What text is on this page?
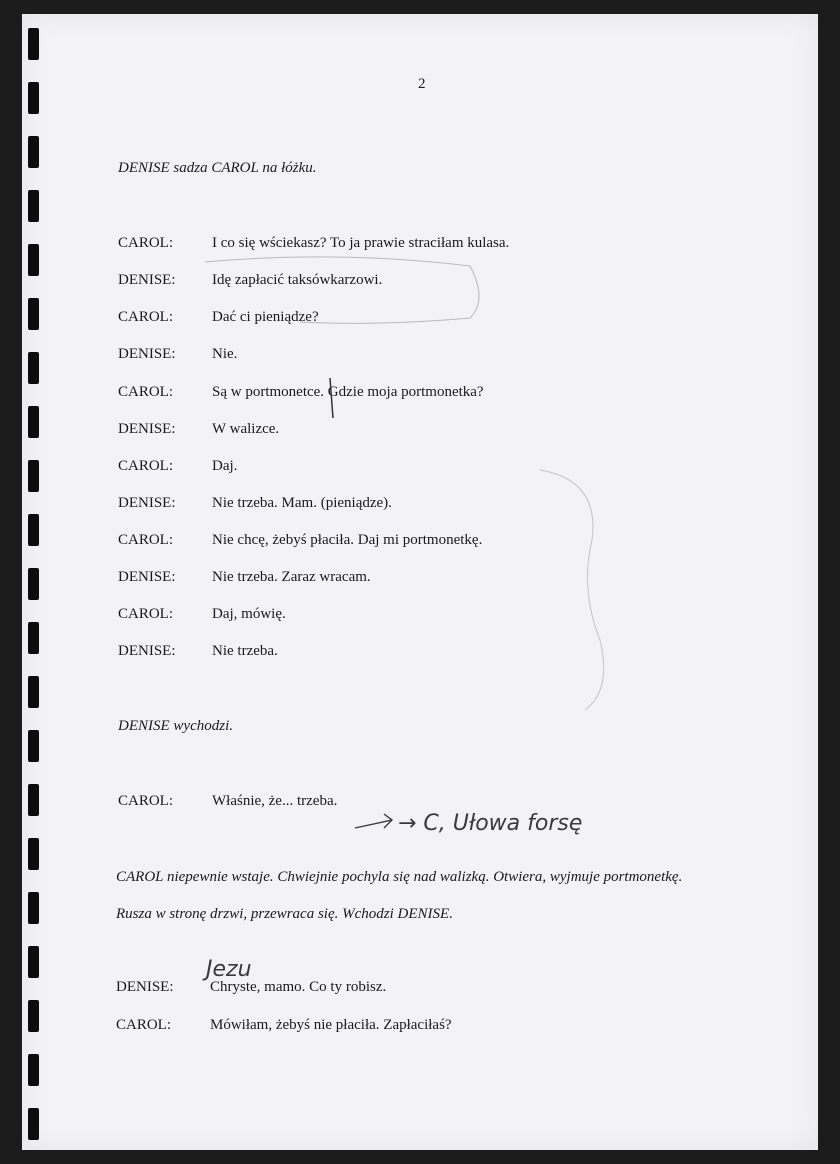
2
DENISE sadza CAROL na łóżku.
CAROL:	I co się wściekasz? To ja prawie straciłam kulasa.
DENISE: Idę zapłacić taksówkarzowi.
CAROL:	Dać ci pieniądze?
DENISE: Nie.
CAROL:	Są w portmonetce. Gdzie moja portmonetka?
DENISE: W walizce.
CAROL:	Daj.
DENISE: Nie trzeba. Mam. (pieniądze).
CAROL:	Nie chcę, żebyś płaciła. Daj mi portmonetkę.
DENISE: Nie trzeba. Zaraz wracam.
CAROL:	Daj, mówię.
DENISE: Nie trzeba.
DENISE wychodzi.
CAROL:	Właśnie, że... trzeba.
CAROL niepewnie wstaje. Chwiejnie pochyla się nad walizką. Otwiera, wyjmuje portmonetkę.
Rusza w stronę drzwi, przewraca się. Wchodzi DENISE.
DENISE: Chryste, mamo. Co ty robisz.
CAROL:	Mówiłam, żebyś nie płaciła. Zapłaciłaś?
→ C, Ułowa forsę
Jezu
